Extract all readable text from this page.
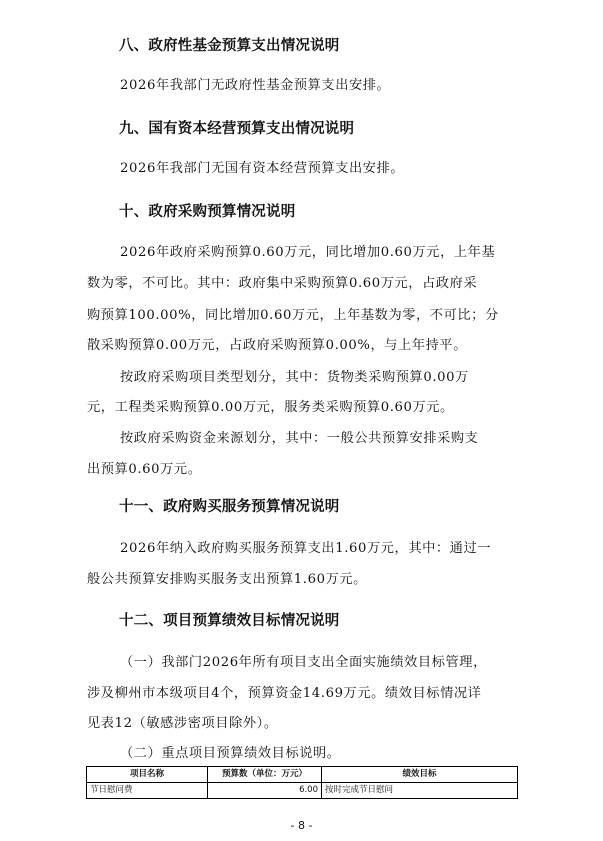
八、政府性基金预算支出情况说明
2026年我部门无政府性基金预算支出安排。
九、国有资本经营预算支出情况说明
2026年我部门无国有资本经营预算支出安排。
十、政府采购预算情况说明
2026年政府采购预算0.60万元，同比增加0.60万元，上年基
数为零，不可比。其中：政府集中采购预算0.60万元，占政府采
购预算100.00%，同比增加0.60万元，上年基数为零，不可比；分
散采购预算0.00万元，占政府采购预算0.00%，与上年持平。
按政府采购项目类型划分，其中：货物类采购预算0.00万
元，工程类采购预算0.00万元，服务类采购预算0.60万元。
按政府采购资金来源划分，其中：一般公共预算安排采购支
出预算0.60万元。
十一、政府购买服务预算情况说明
2026年纳入政府购买服务预算支出1.60万元，其中：通过一
般公共预算安排购买服务支出预算1.60万元。
十二、项目预算绩效目标情况说明
（一）我部门2026年所有项目支出全面实施绩效目标管理，
涉及柳州市本级项目4个，预算资金14.69万元。绩效目标情况详
见表12（敏感涉密项目除外）。
（二）重点项目预算绩效目标说明。
项目名称	预算数（单位：万元）	绩效目标
节日慰问费	6.00	按时完成节日慰问
- 8 -
